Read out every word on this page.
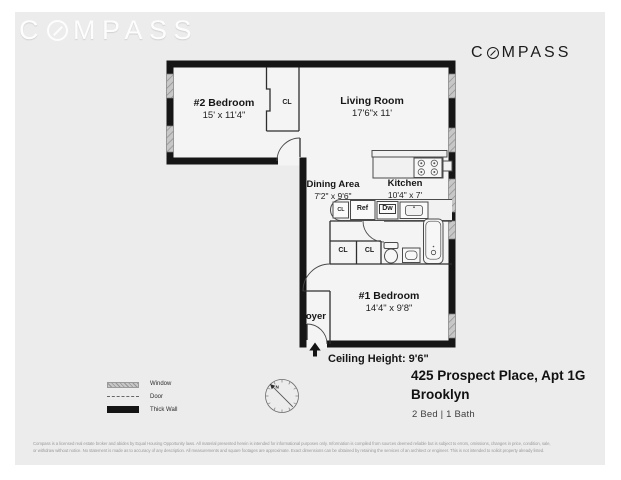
C MPASS
C MPASS
N
#2 Bedroom
15' x 11'4"
Living Room
17'6"x 11'
Dining Area
7'2" x 9'6"
Kitchen
10'4" x 7'
#1 Bedroom
14'4" x 9'8"
Foyer
CL
CL	Ref	Dw
CL	CL
Ceiling Height: 9'6"
425 Prospect Place, Apt 1G
Brooklyn
2 Bed | 1 Bath
Window
Door
Thick Wall
Compass is a licensed real estate broker and abides by Equal Housing Opportunity laws. All material presented herein is intended for informational purposes only. Information is compiled from sources deemed reliable but is subject to errors, omissions, changes in price, condition, sale,
or withdraw without notice. No statement is made as to accuracy of any description. All measurements and square footages are approximate. Exact dimensions can be obtained by retaining the services of an architect or engineer. This is not intended to solicit property already listed.
